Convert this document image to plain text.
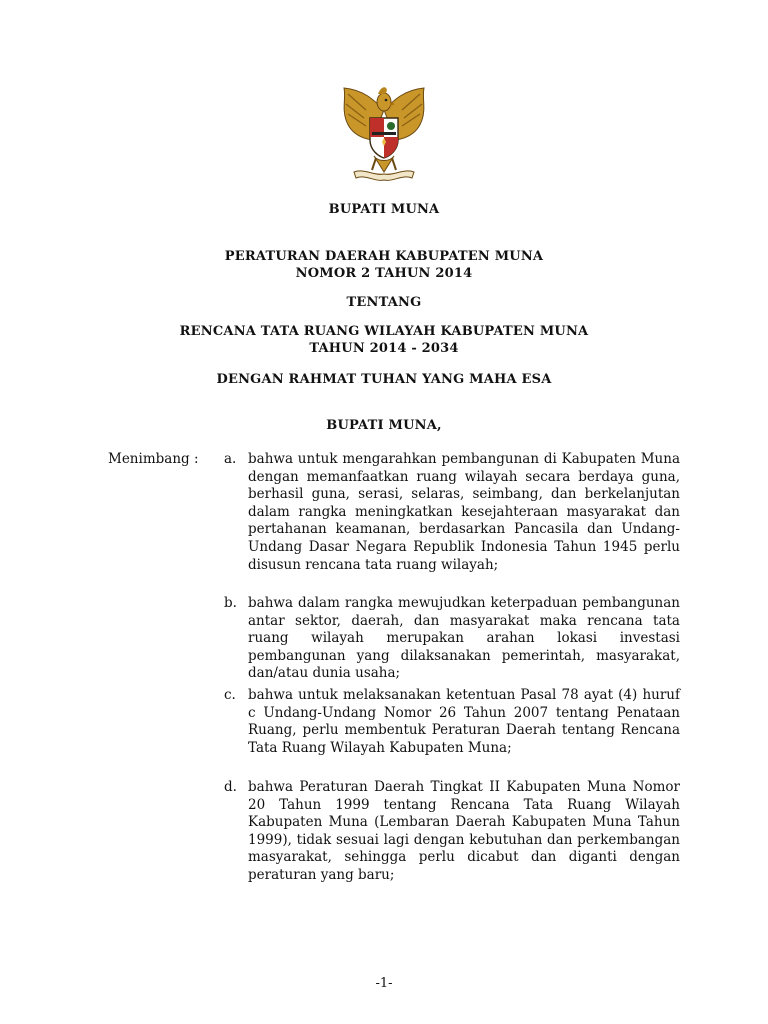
BUPATI MUNA
PERATURAN DAERAH KABUPATEN MUNA
NOMOR 2 TAHUN 2014
TENTANG
RENCANA TATA RUANG WILAYAH KABUPATEN MUNA
TAHUN 2014 - 2034
DENGAN RAHMAT TUHAN YANG MAHA ESA
BUPATI MUNA,
Menimbang :	a. bahwa untuk mengarahkan pembangunan di Kabupaten Muna dengan memanfaatkan ruang wilayah secara berdaya guna, berhasil guna, serasi, selaras, seimbang, dan berkelanjutan dalam rangka meningkatkan kesejahteraan masyarakat dan pertahanan keamanan, berdasarkan Pancasila dan Undang-Undang Dasar Negara Republik Indonesia Tahun 1945 perlu disusun rencana tata ruang wilayah;
b. bahwa dalam rangka mewujudkan keterpaduan pembangunan antar sektor, daerah, dan masyarakat maka rencana tata ruang wilayah merupakan arahan lokasi investasi pembangunan yang dilaksanakan pemerintah, masyarakat, dan/atau dunia usaha;
c. bahwa untuk melaksanakan ketentuan Pasal 78 ayat (4) huruf c Undang-Undang Nomor 26 Tahun 2007 tentang Penataan Ruang, perlu membentuk Peraturan Daerah tentang Rencana Tata Ruang Wilayah Kabupaten Muna;
d. bahwa Peraturan Daerah Tingkat II Kabupaten Muna Nomor 20 Tahun 1999 tentang Rencana Tata Ruang Wilayah Kabupaten Muna (Lembaran Daerah Kabupaten Muna Tahun 1999), tidak sesuai lagi dengan kebutuhan dan perkembangan masyarakat, sehingga perlu dicabut dan diganti dengan peraturan yang baru;
-1-
